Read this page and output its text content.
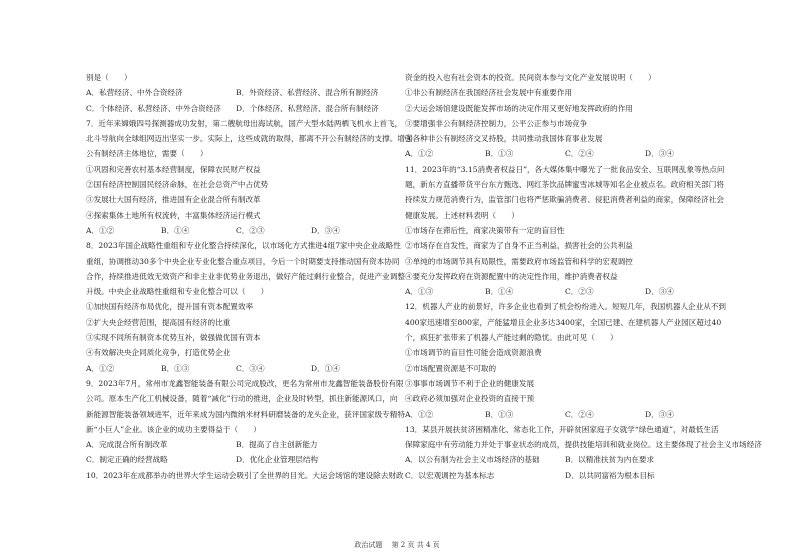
别是（　　）
A．私营经济、中外合资经济	B．外资经济、私营经济、混合所有制经济
C．个体经济、私营经济、中外合资经济	D．个体经济、私营经济、混合所有制经济
7．近年来嫦娥四号探测器成功发射，第二艘航母出海试航，国产大型水陆两栖飞机水上首飞，
北斗导航向全球组网迈出坚实一步。实际上，这些成就的取得，都离不开公有制经济的支撑。增强
公有制经济主体地位，需要（　　）
①巩固和完善农村基本经营制度，保障农民财产权益
②国有经济控制国民经济命脉，在社会总资产中占优势
③发展壮大国有经济，推进国有企业混合所有制改革
④探索集体土地所有权流转，丰富集体经济运行模式
A．①②	B．①④	C．②③	D．③④
8．2023年国企战略性重组和专业化整合持续深化，以市场化方式推进4组7家中央企业战略性
重组，协调推动30多个中央企业专业化整合重点项目，今后一个时期要支持推动国有资本协同
合作，持续推进低效无效资产和非主业非优势业务退出，做好产能过剩行业整合，促进产业调整
升级。中央企业战略性重组和专业化整合可以（　　）
①加快国有经济布局优化，提升国有资本配置效率
②扩大央企经营范围，提高国有经济的比重
③实现不同所有制资本优势互补，做强做优国有资本
④有效解决央企同质化竞争，打造优势企业
A．①②	B．①③	C．③④	D．①④
9．2023年7月，常州市龙鑫智能装备有限公司完成股改，更名为常州市龙鑫智能装备股份有限
公司。原本生产化工机械设备，随着“减化”行动的推进，企业及时转型，抓住新能源风口，向
新能源智能装备领域进军，近年来成为国内微纳米材料研磨装备的龙头企业，获评国家级专精特
新“小巨人”企业。该企业的成功主要得益于（　　）
A．完成混合所有制改革	B．提高了自主创新能力
C．制定正确的经营战略	D．优化企业管理层结构
10．2023年在成都举办的世界大学生运动会吸引了全世界的目光。大运会场馆的建设除去财政
资金的投入也有社会资本的投资。民间资本参与文化产业发展说明（　　）
①非公有制经济在我国经济社会发展中有重要作用
②大运会场馆建设既能发挥市场的决定作用又更好地发挥政府的作用
③要增强非公有制经济控制力，公平公正参与市场竞争
④各种非公有制经济交叉持股，共同推动我国体育事业发展
A．①②	B．①③	C．②④	D．③④
11．2023年的“3.15消费者权益日”，各大媒体集中曝光了一批食品安全、互联网乱象等热点问
题，新东方直播带货平台东方甄选、网红茶饮品牌蜜雪冰城等知名企业被点名。政府相关部门将
持续发力规范消费行为，监管部门也将严惩欺骗消费者、侵犯消费者利益的商家，保障经济社会
健康发展。上述材料表明（　　）
①市场存在滞后性，商家决策带有一定的盲目性
②市场存在自发性，商家为了自身不正当利益，损害社会的公共利益
③单纯的市场调节具有局限性，需要政府市场监管和科学的宏观调控
④要充分发挥政府在资源配置中的决定性作用，维护消费者权益
A．①③	B．①④	C．②③	D．③④
12．机器人产业的前景好，许多企业也看到了机会纷纷进入。短短几年，我国机器人企业从不到
400家迅速增至800家，产能猛增且企业多达3400家，全国已建、在建机器人产业园区超过40
个，疯狂扩张带来了机器人产能过剩的隐忧。由此可见（　　）
①市场调节的盲目性可能会造成资源浪费
②市场配置资源是不可取的
③事事市场调节不利于企业的健康发展
④政府必须加强对企业投资的直接干预
A．①②	B．①③	C．②④	D．③④
13．某县开展扶贫济困精准化、常态化工作，开辟贫困家庭子女就学“绿色通道”，对最低生活
保障家庭中有劳动能力并处于事业状态的成员，提供技能培训和就业岗位。这主要体现了社会主义市场经济
A．以公有制为社会主义市场经济的基础	B．以精准扶贫为内在要求
C．以宏观调控为基本标志	D．以共同富裕为根本目标
政治试题　 第 2 页 共 4 页
